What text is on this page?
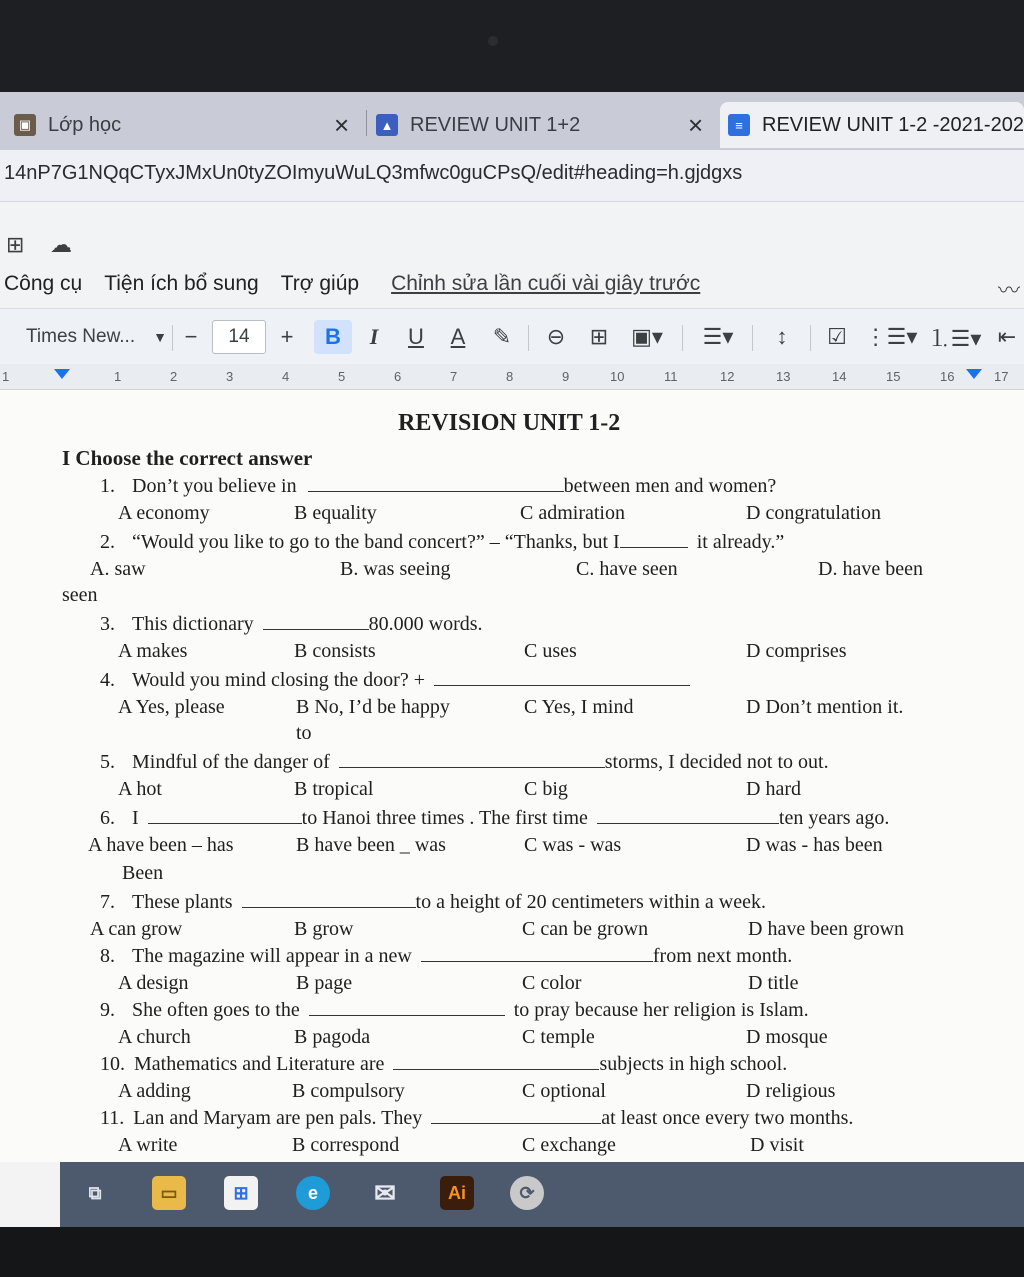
▣ Lớp học	×	▲ REVIEW UNIT 1+2	×	≡ REVIEW UNIT 1-2 -2021-202
14nP7G1NQqCTyxJMxUn0tyZOImyuWuLQ3mfwc0guCPsQ/edit#heading=h.gjdgxs
⊞ ☁
Công cụ Tiện ích bổ sung Trợ giúp Chỉnh sửa lần cuối vài giây trước	〰
Times New... ▼ −	14	+	B	I	U	A	✎	⊖	⊞	▣▾	☰▾	↕	☑ ⋮☰▾ ⒈☰▾ ⇤
1	1	2	3	4	5	6	7	8	9	10	11	12	13	14	15	16	17
REVISION UNIT 1-2
I Choose the correct answer
1. Don’t you believe in	between men and women?
A economy	B equality	C admiration	D congratulation
2. “Would you like to go to the band concert?” – “Thanks, but I	it already.”
A. saw	B. was seeing	C. have seen	D. have been
seen
3. This dictionary	80.000 words.
A makes	B consists	C uses	D comprises
4. Would you mind closing the door? +
A Yes, please	B No, I’d be happy	C Yes, I mind	D Don’t mention it.
to
5. Mindful of the danger of	storms, I decided not to out.
A hot	B tropical	C big	D hard
6. I	to Hanoi three times . The first time	ten years ago.
A have been – has	B have been _ was	C was - was	D was - has been
Been
7. These plants	to a height of 20 centimeters within a week.
A can grow	B grow	C can be grown	D have been grown
8. The magazine will appear in a new	from next month.
A design	B page	C color	D title
9. She often goes to the	to pray because her religion is Islam.
A church	B pagoda	C temple	D mosque
10. Mathematics and Literature are	subjects in high school.
A adding	B compulsory	C optional	D religious
11. Lan and Maryam are pen pals. They	at least once every two months.
A write	B correspond	C exchange	D visit
⧉	▭	⊞	e	✉	Ai	⟳
